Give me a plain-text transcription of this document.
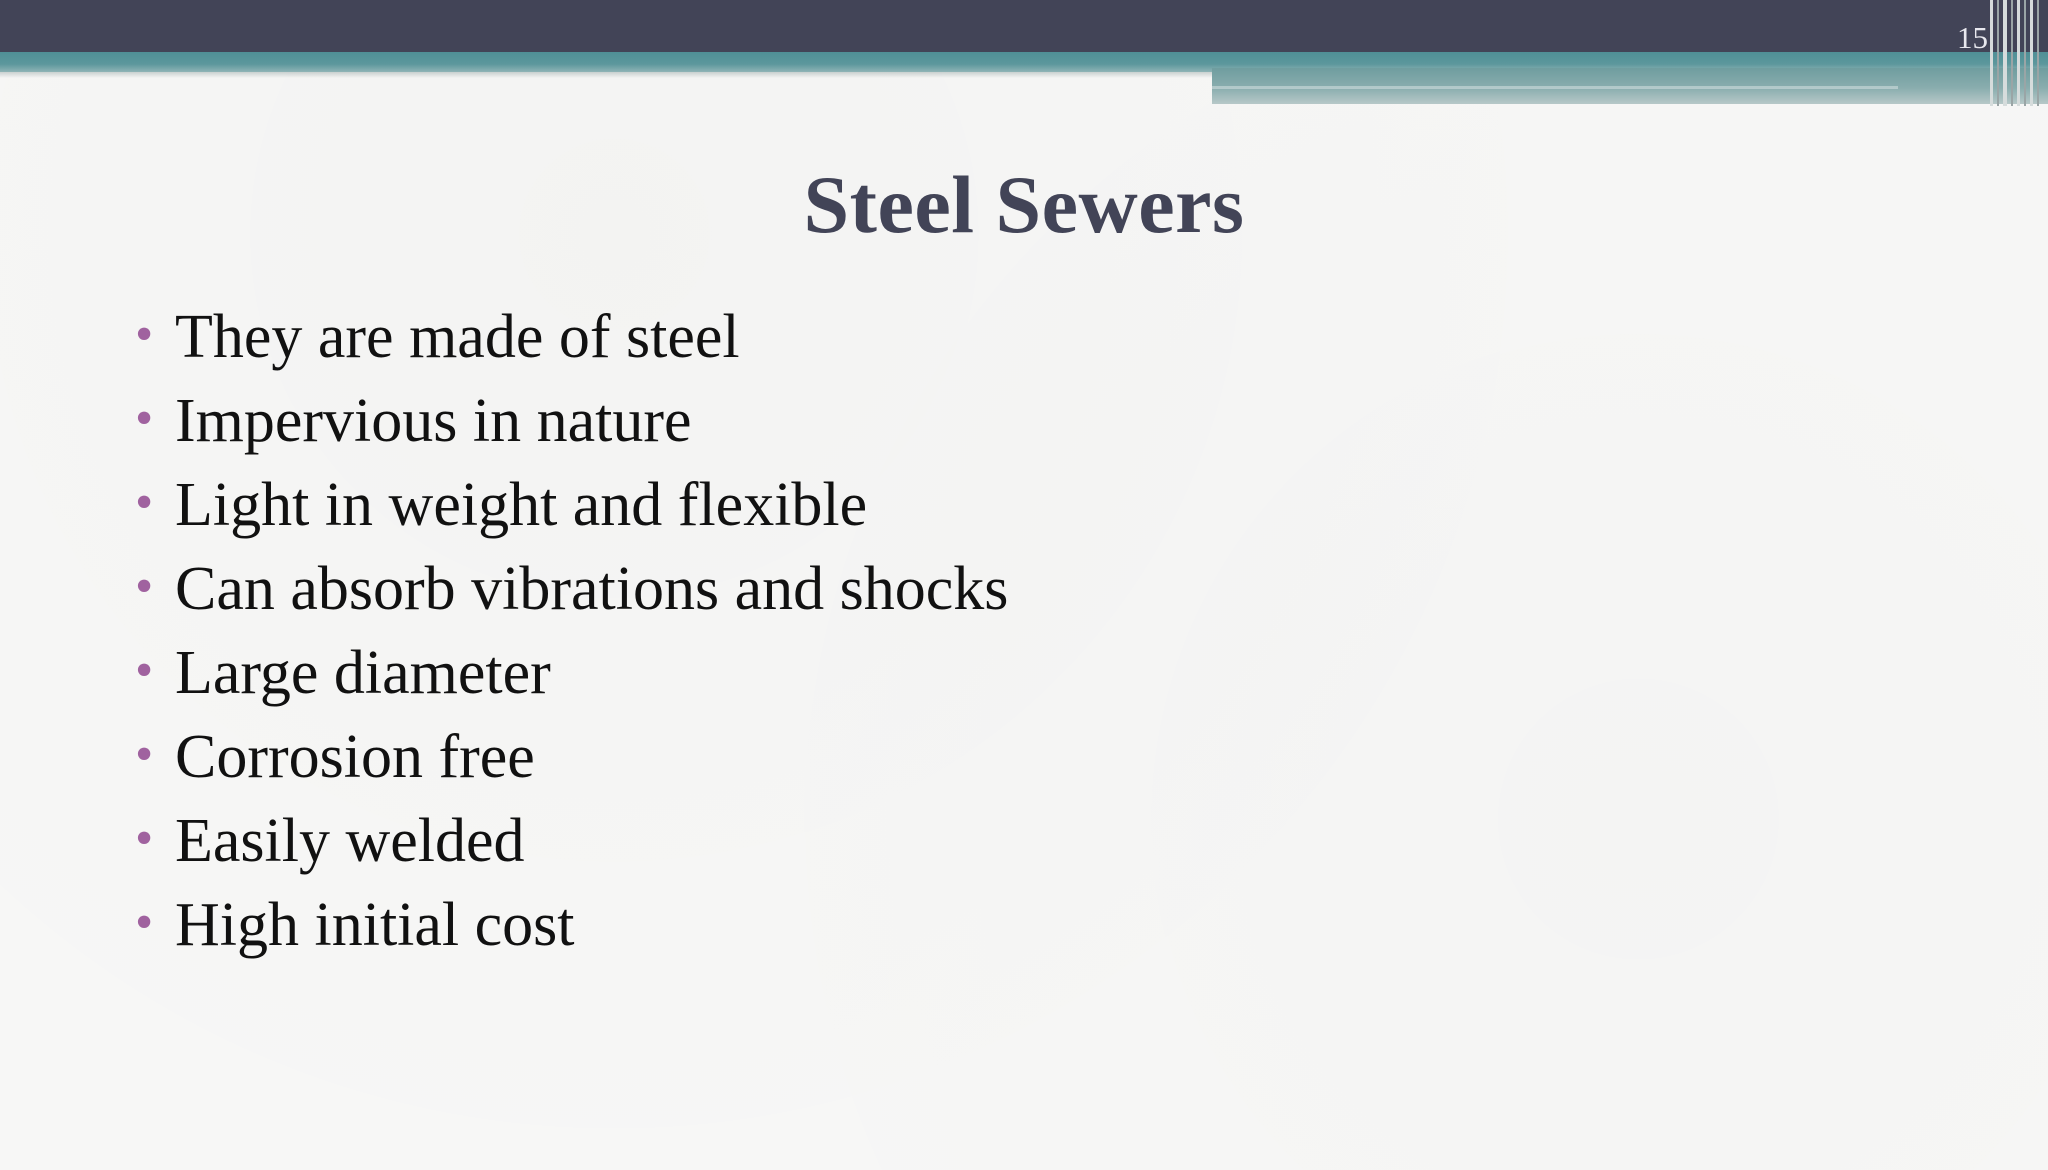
15
Steel Sewers
• They are made of steel
• Impervious in nature
• Light in weight and flexible
• Can absorb vibrations and shocks
• Large diameter
• Corrosion free
• Easily welded
• High initial cost
